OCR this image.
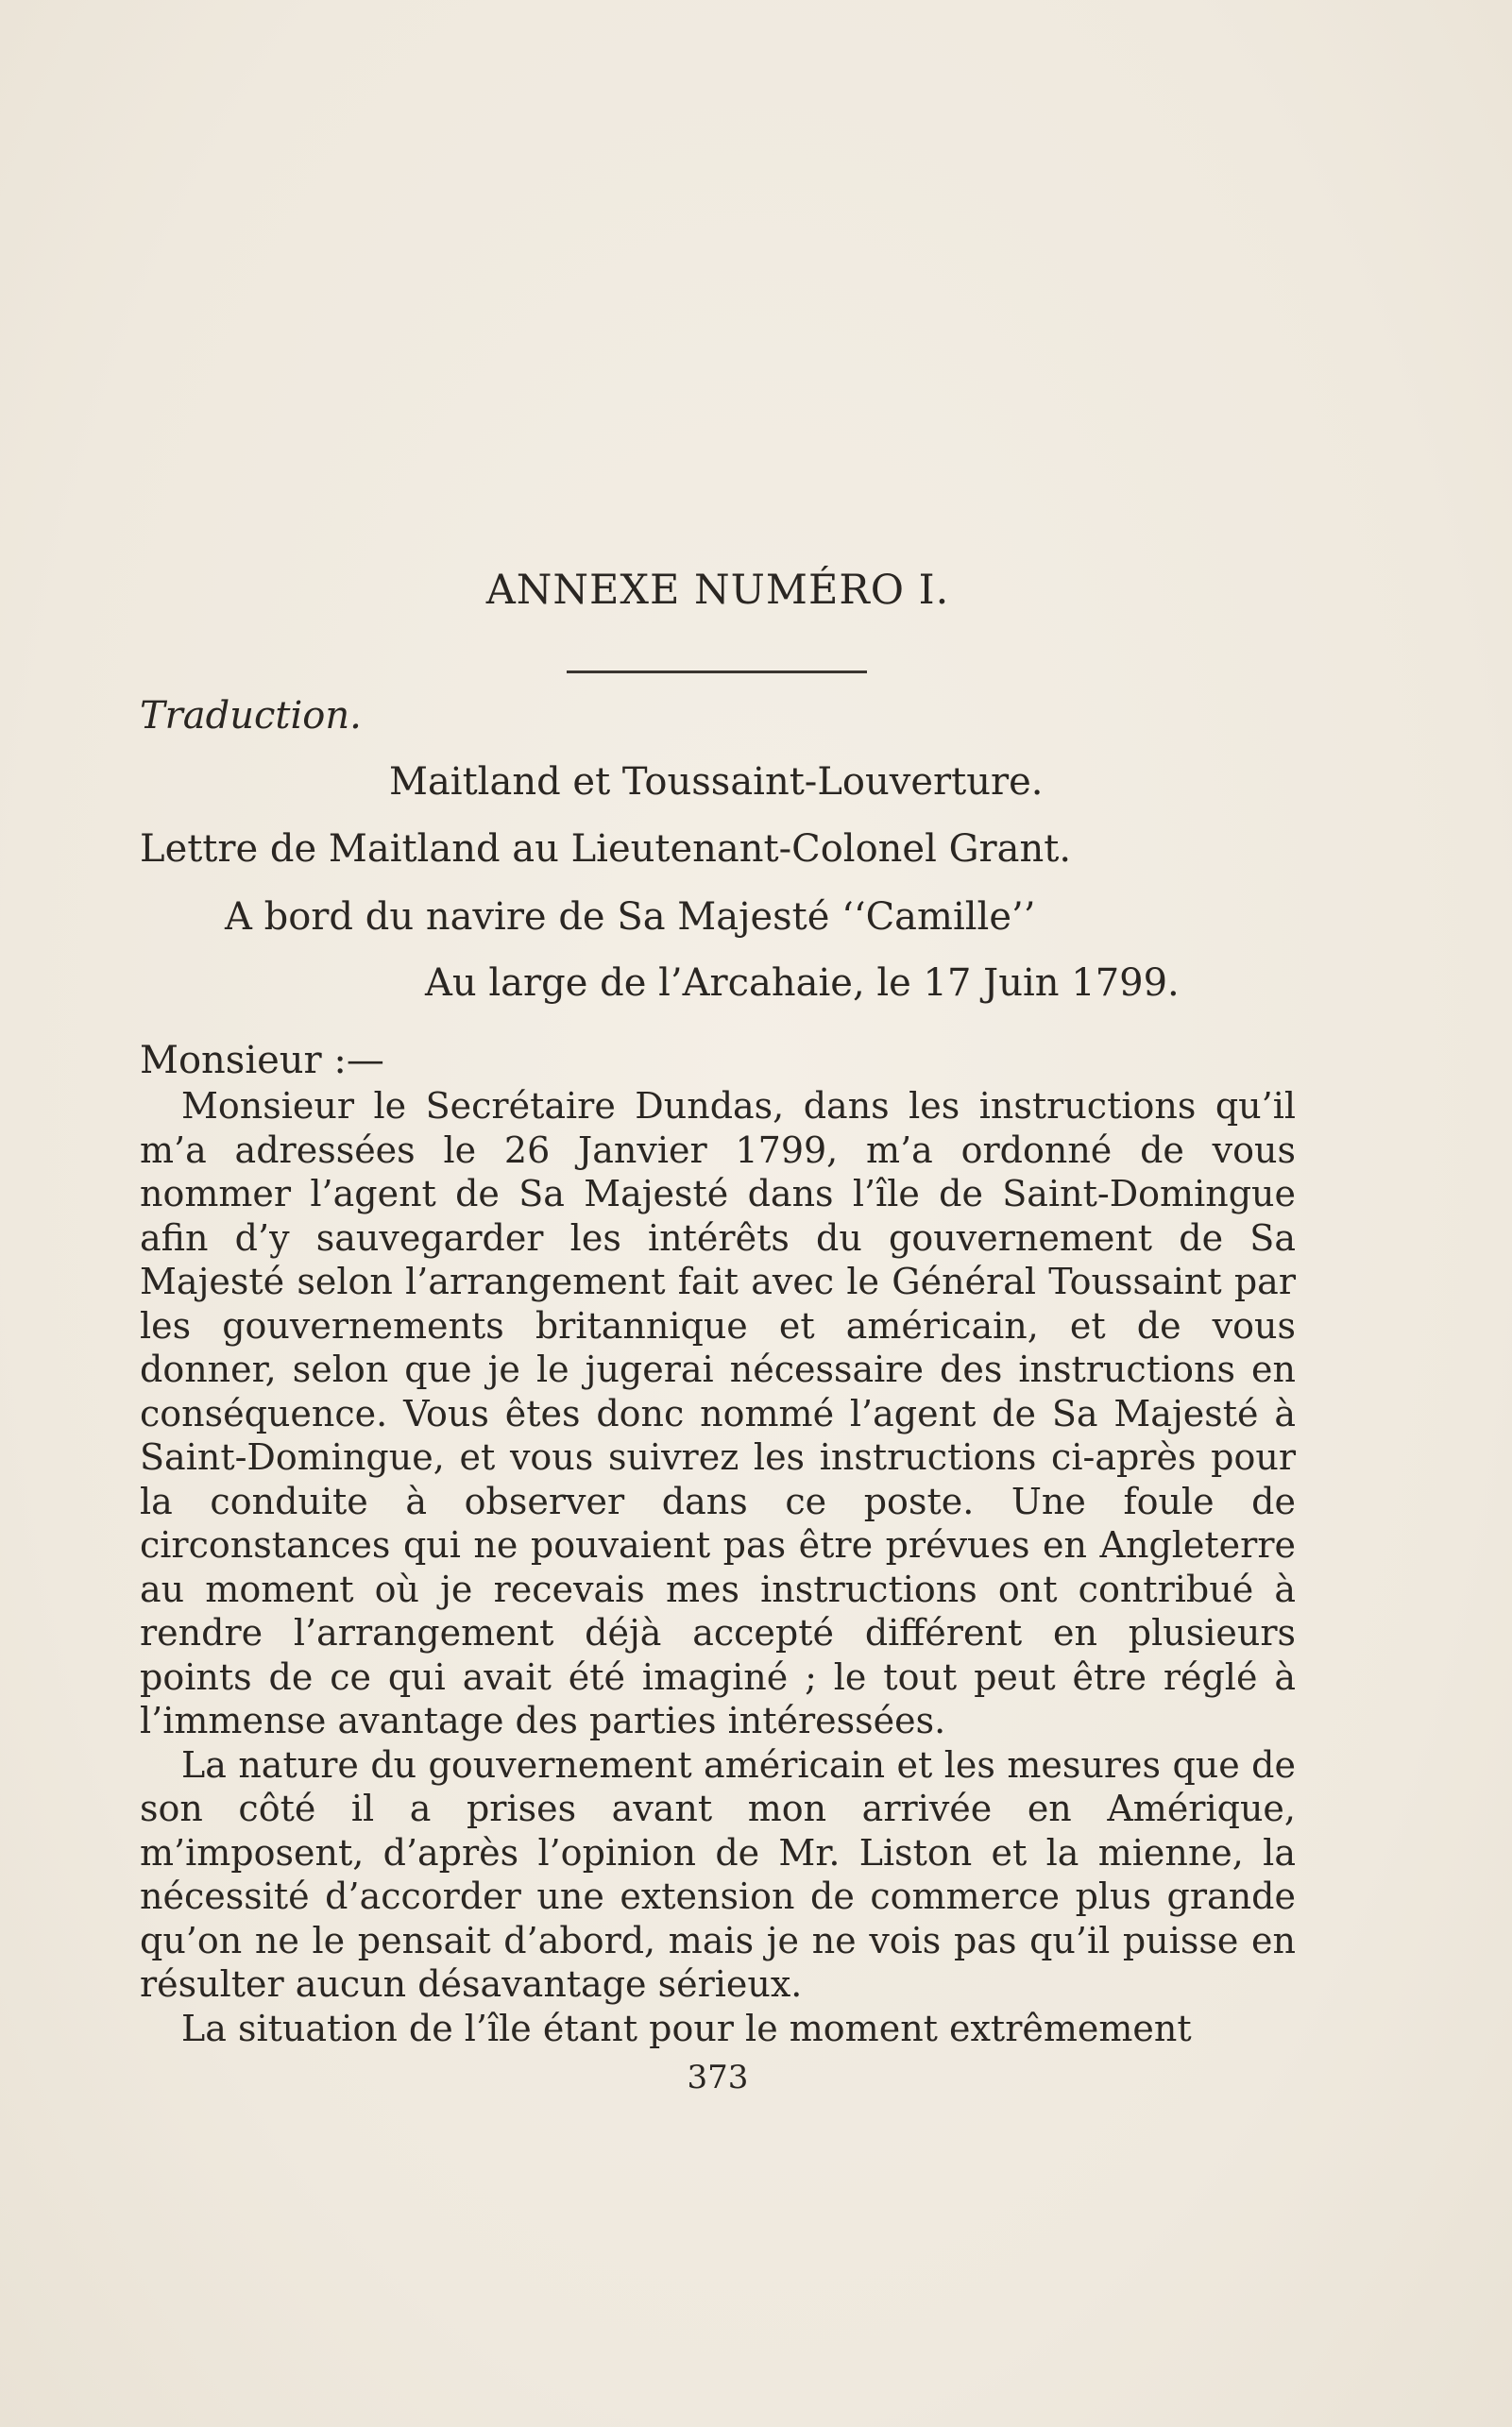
ANNEXE NUMÉRO I.
Traduction.
Maitland et Toussaint-Louverture.
Lettre de Maitland au Lieutenant-Colonel Grant.
A bord du navire de Sa Majesté ‘‘Camille’’
Au large de l’Arcahaie, le 17 Juin 1799.
Monsieur :—

Monsieur le Secrétaire Dundas, dans les instructions qu’il m’a adressées le 26 Janvier 1799, m’a ordonné de vous nommer l’agent de Sa Majesté dans l’île de Saint-Domingue afin d’y sauvegarder les intérêts du gouvernement de Sa Majesté selon l’arrangement fait avec le Général Toussaint par les gouvernements britannique et américain, et de vous donner, selon que je le jugerai nécessaire des instructions en conséquence. Vous êtes donc nommé l’agent de Sa Majesté à Saint-Domingue, et vous suivrez les instructions ci-après pour la conduite à observer dans ce poste. Une foule de circonstances qui ne pouvaient pas être prévues en Angleterre au moment où je recevais mes instructions ont contribué à rendre l’arrangement déjà accepté différent en plusieurs points de ce qui avait été imaginé ; le tout peut être réglé à l’immense avantage des parties intéressées.

La nature du gouvernement américain et les mesures que de son côté il a prises avant mon arrivée en Amérique, m’imposent, d’après l’opinion de Mr. Liston et la mienne, la nécessité d’accorder une extension de commerce plus grande qu’on ne le pensait d’abord, mais je ne vois pas qu’il puisse en résulter aucun désavantage sérieux.

La situation de l’île étant pour le moment extrêmement

373
